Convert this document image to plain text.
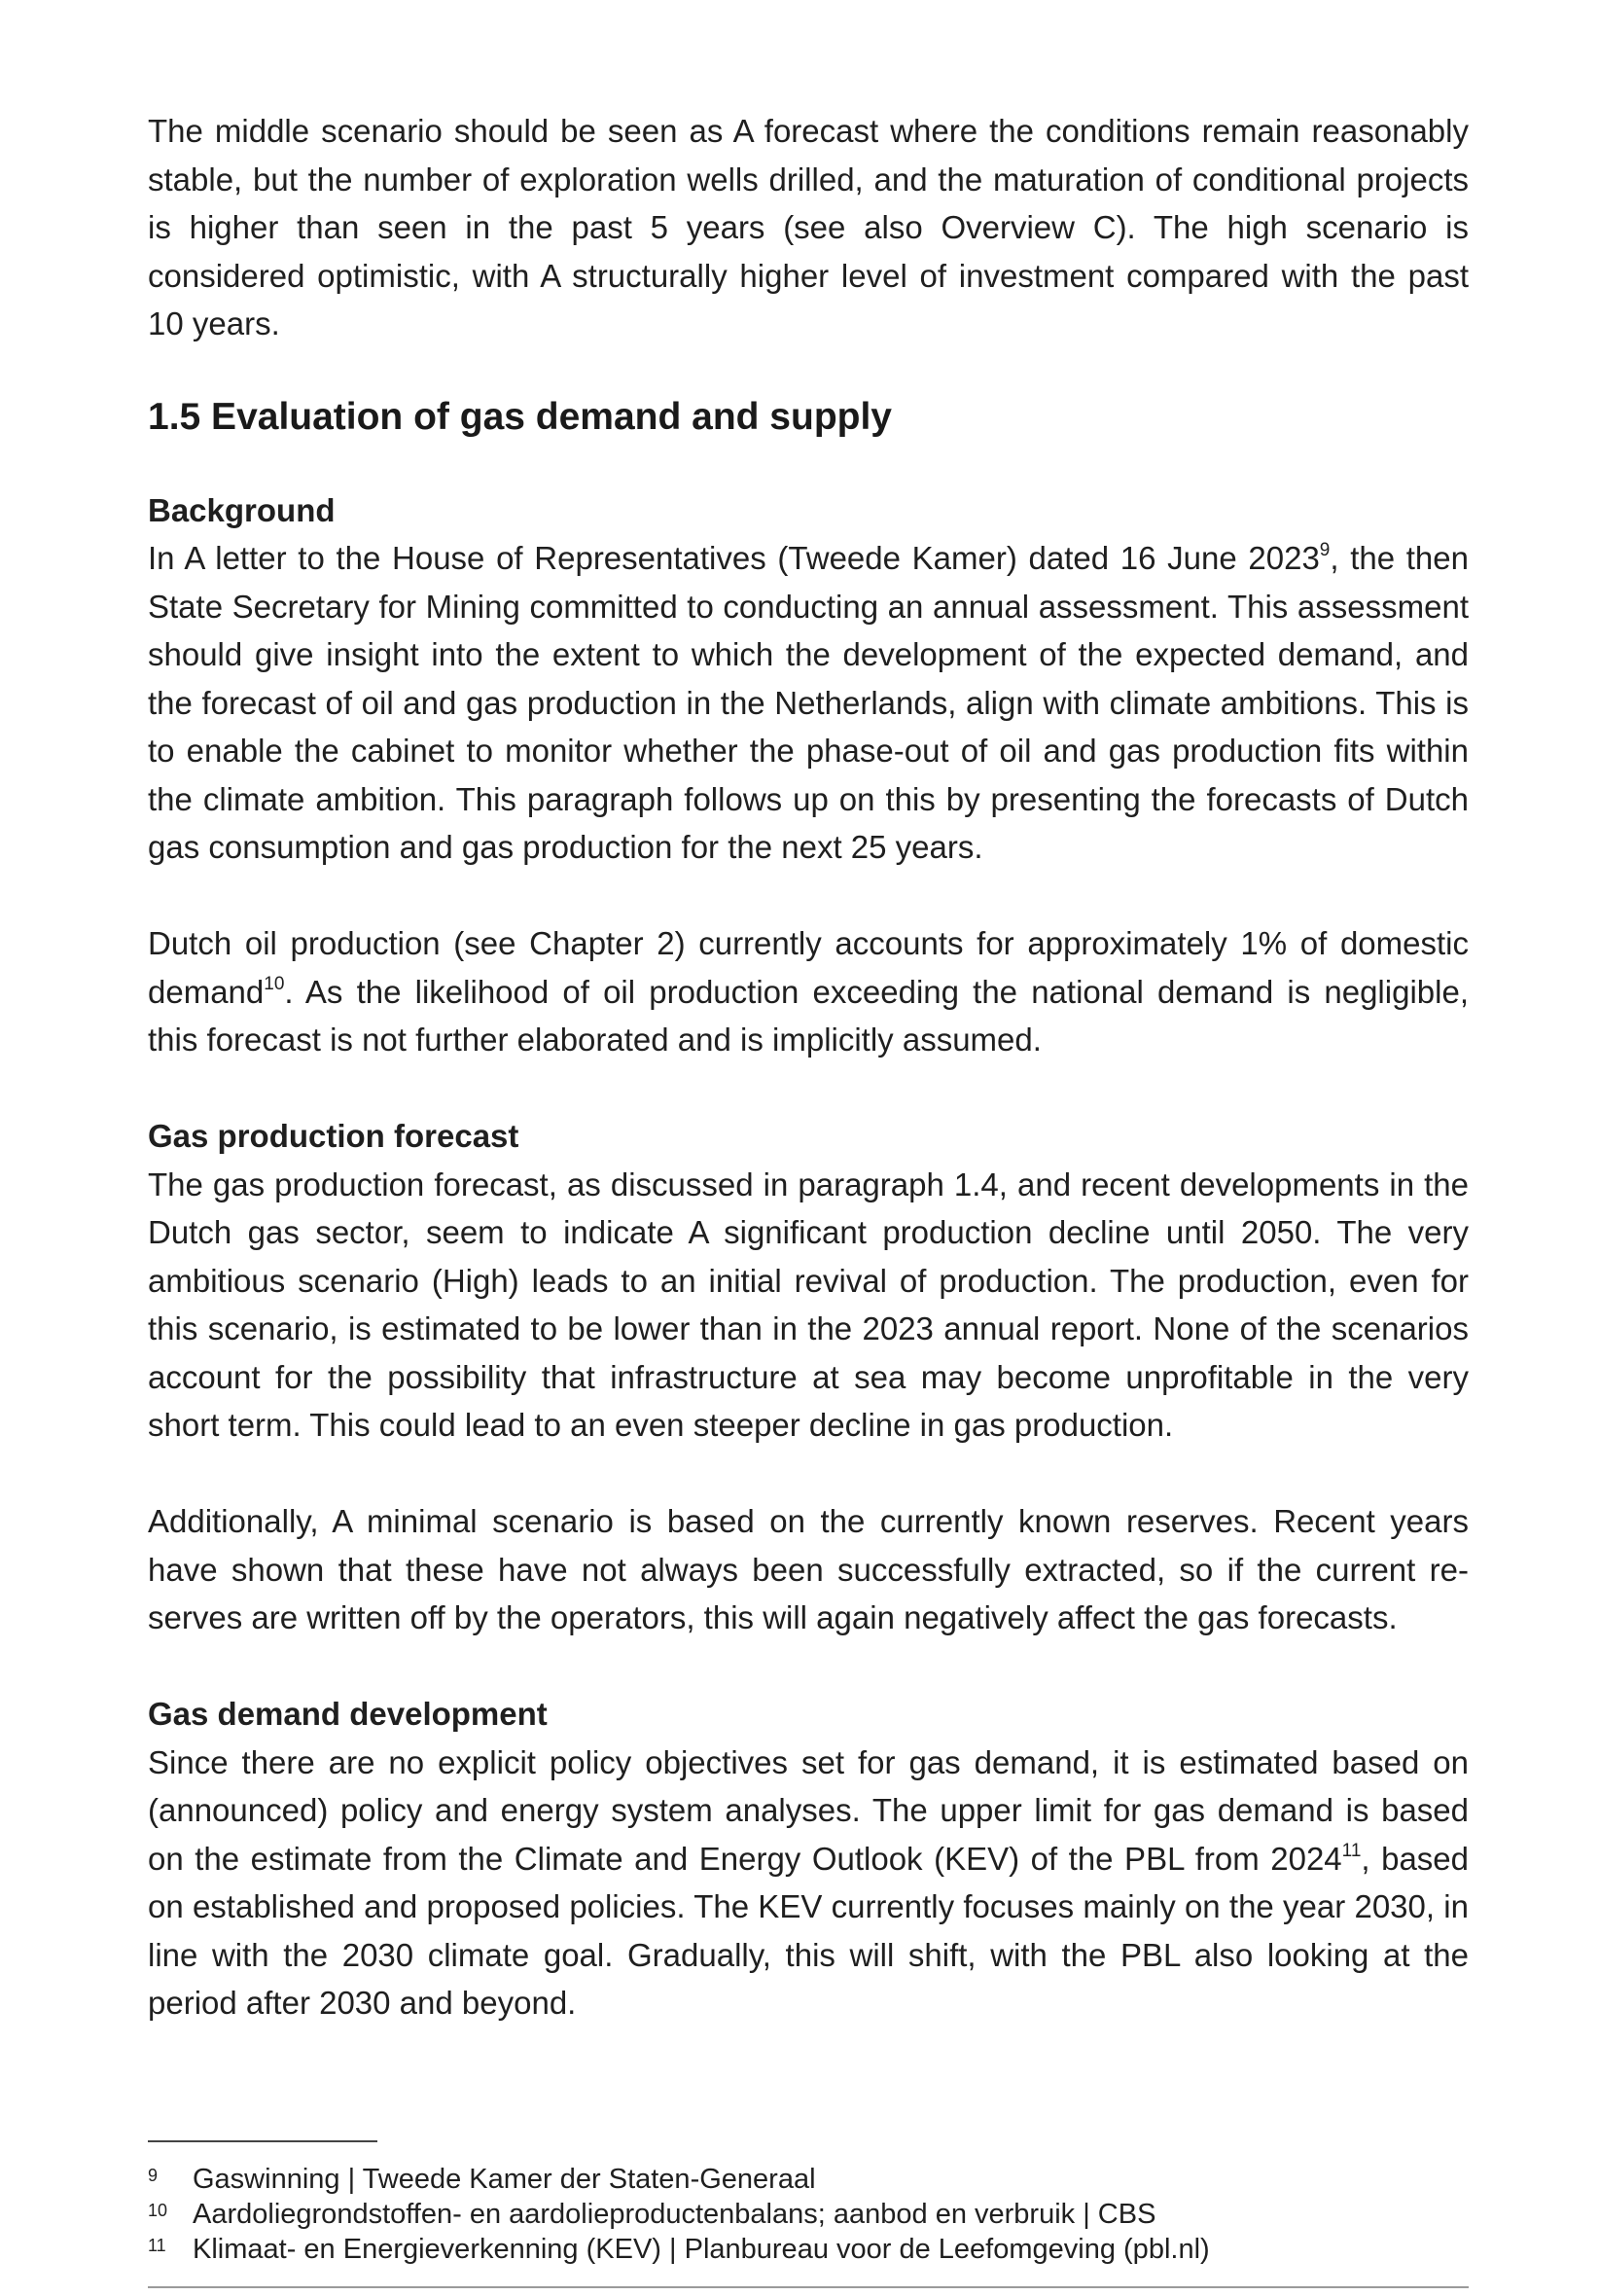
The middle scenario should be seen as A forecast where the conditions remain reasonably stable, but the number of exploration wells drilled, and the maturation of conditional projects is higher than seen in the past 5 years (see also Overview C). The high scenario is considered optimistic, with A structurally higher level of investment compared with the past 10 years.

1.5 Evaluation of gas demand and supply

Background

In A letter to the House of Representatives (Tweede Kamer) dated 16 June 2023$^9$, the then State Secretary for Mining committed to conducting an annual assessment. This assessment should give insight into the extent to which the development of the expected demand, and the forecast of oil and gas production in the Netherlands, align with climate ambitions. This is to enable the cabinet to monitor whether the phase-out of oil and gas production fits within the climate ambition. This paragraph follows up on this by presenting the forecasts of Dutch gas consumption and gas production for the next 25 years.

Dutch oil production (see Chapter 2) currently accounts for approximately 1% of domestic demand$^{10}$. As the likelihood of oil production exceeding the national demand is negligible, this forecast is not further elaborated and is implicitly assumed.

Gas production forecast

The gas production forecast, as discussed in paragraph 1.4, and recent developments in the Dutch gas sector, seem to indicate A significant production decline until 2050. The very ambitious scenario (High) leads to an initial revival of production. The production, even for this scenario, is estimated to be lower than in the 2023 annual report. None of the scenarios account for the possibility that infrastructure at sea may become unprofitable in the very short term. This could lead to an even steeper decline in gas production.

Additionally, A minimal scenario is based on the currently known reserves. Recent years have shown that these have not always been successfully extracted, so if the current reserves are written off by the operators, this will again negatively affect the gas forecasts.

Gas demand development

Since there are no explicit policy objectives set for gas demand, it is estimated based on (announced) policy and energy system analyses. The upper limit for gas demand is based on the estimate from the Climate and Energy Outlook (KEV) of the PBL from 2024$^{11}$, based on established and proposed policies. The KEV currently focuses mainly on the year 2030, in line with the 2030 climate goal. Gradually, this will shift, with the PBL also looking at the period after 2030 and beyond.

9	Gaswinning | Tweede Kamer der Staten-Generaal
10 Aardoliegrondstoffen- en aardolieproductenbalans; aanbod en verbruik | CBS
11 Klimaat- en Energieverkenning (KEV) | Planbureau voor de Leefomgeving (pbl.nl)
